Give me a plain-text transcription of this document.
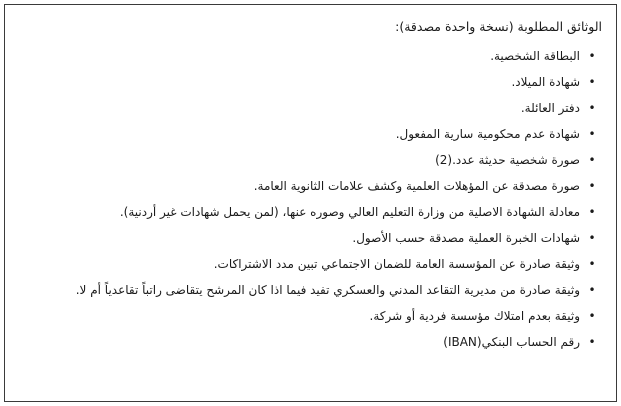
الوثائق المطلوبة (نسخة واحدة مصدقة):
•
البطاقة الشخصية.
•
شهادة الميلاد.
•
دفتر العائلة.
•
شهادة عدم محكومية سارية المفعول.
•
صورة شخصية حديثة عدد.(2)
•
صورة مصدقة عن المؤهلات العلمية وكشف علامات الثانوية العامة.
•
معادلة الشهادة الاصلية من وزارة التعليم العالي وصوره عنها، (لمن يحمل شهادات غير أردنية).
•
شهادات الخبرة العملية مصدقة حسب الأصول.
•
وثيقة صادرة عن المؤسسة العامة للضمان الاجتماعي تبين مدد الاشتراكات.
•
وثيقة صادرة من مديرية التقاعد المدني والعسكري تفيد فيما اذا كان المرشح يتقاضى راتباً تقاعدياً أم لا.
•
وثيقة بعدم امتلاك مؤسسة فردية أو شركة.
•
رقم الحساب البنكي(IBAN)
